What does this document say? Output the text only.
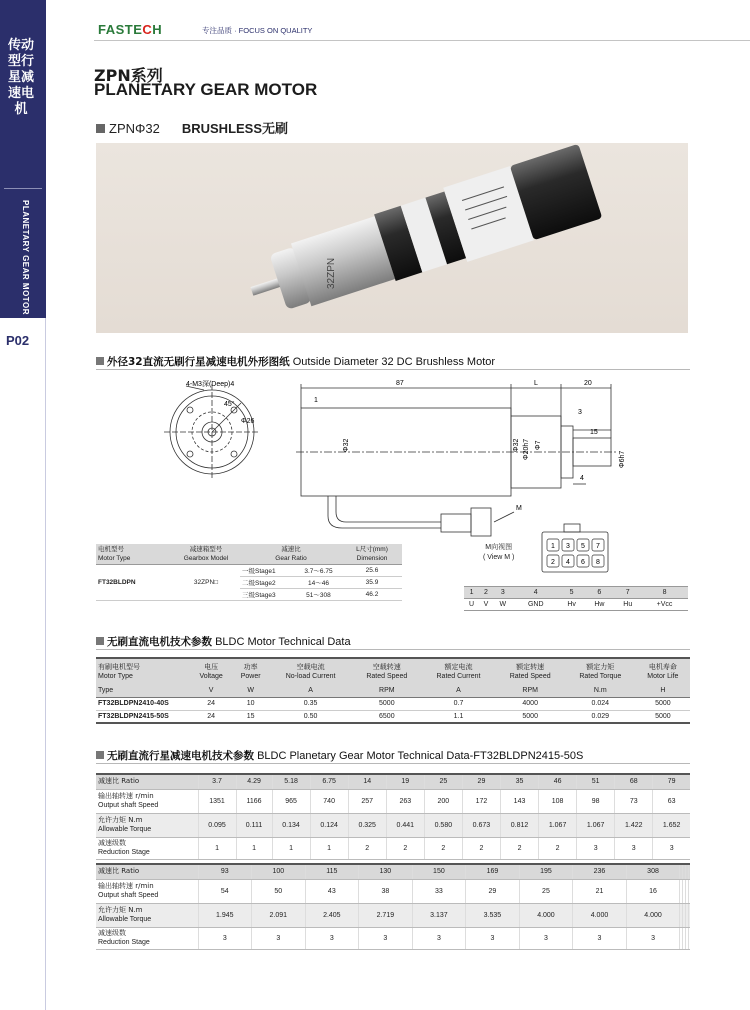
传动型行星减速电机
PLANETARY GEAR MOTOR
P02
FASTECH	专注品质 · FOCUS ON QUALITY
ZPN系列
PLANETARY GEAR MOTOR
ZPNΦ32 BRUSHLESS无刷
32ZPN
外径32直流无刷行星减速电机外形图纸 Outside Diameter 32 DC Brushless Motor
4-M3深(Deep)4
45°
Φ26
87	L	20
1
3
15
4
Φ32	Φ32 Φ20h7 Φ7
Φ6h7
M
电机型号
Motor Type	减速箱型号
Gearbox Model	减速比
Gear Ratio		L尺寸(mm)
Dimension
FT32BLDPN	32ZPN□	一级Stage1	3.7～6.75	25.6
		二级Stage2	14～46	35.9
		三级Stage3	51～308	46.2
M向视图
( View M )
1 3 5 7
2 4 6 8
1	2	3	4	5	6	7	8
U	V	W	GND	Hv	Hw	Hu	+Vcc
无刷直流电机技术参数 BLDC Motor Technical Data
有刷电机型号
Motor Type	电压
Voltage	功率
Power	空载电流
No-load Current	空载转速
Rated Speed	额定电流
Rated Current	额定转速
Rated Speed	额定力矩
Rated Torque	电机寿命
Motor Life
Type	V	W	A	RPM	A	RPM	N.m	H
FT32BLDPN2410-40S	24	10	0.35	5000	0.7	4000	0.024	5000
FT32BLDPN2415-50S	24	15	0.50	6500	1.1	5000	0.029	5000
无刷直流行星减速电机技术参数 BLDC Planetary Gear Motor Technical Data-FT32BLDPN2415-50S
减速比 Ratio	3.7	4.29	5.18	6.75	14	19	25	29	35	46	51	68	79
输出轴转速 r/min
Output shaft Speed	1351	1166	965	740	257	263	200	172	143	108	98	73	63
允许力矩 N.m
Allowable Torque	0.095	0.111	0.134	0.124	0.325	0.441	0.580	0.673	0.812	1.067	1.067	1.422	1.652
减速级数
Reduction Stage	1	1	1	1	2	2	2	2	2	2	3	3	3
减速比 Ratio	93	100	115	130	150	169	195	236	308				
输出轴转速 r/min
Output shaft Speed	54	50	43	38	33	29	25	21	16				
允许力矩 N.m
Allowable Torque	1.945	2.091	2.405	2.719	3.137	3.535	4.000	4.000	4.000				
减速级数
Reduction Stage	3	3	3	3	3	3	3	3	3				
